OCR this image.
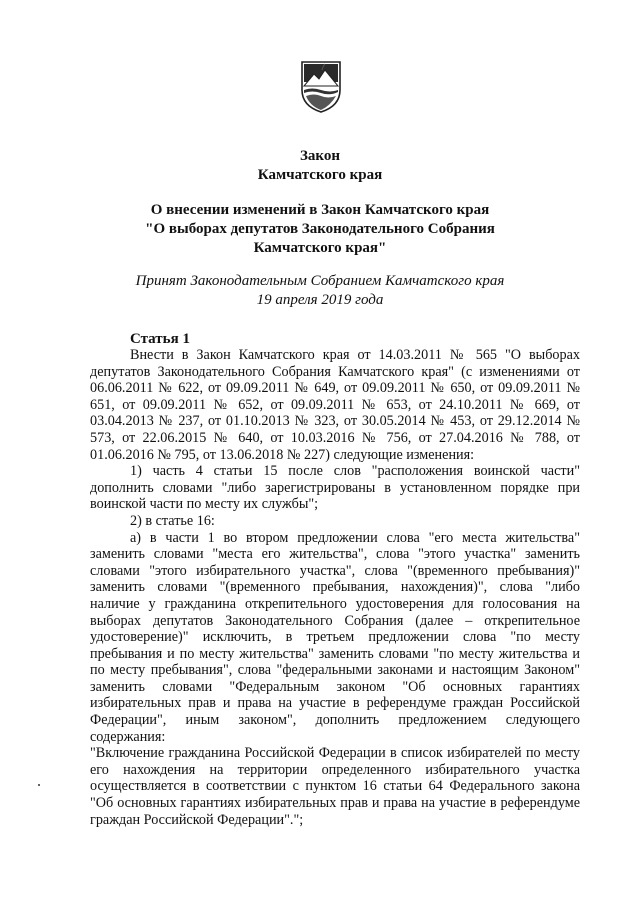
Закон
Камчатского края
О внесении изменений в Закон Камчатского края
"О выборах депутатов Законодательного Собрания
Камчатского края"
Принят Законодательным Собранием Камчатского края
19 апреля 2019 года
Статья 1

Внести в Закон Камчатского края от 14.03.2011 № 565 "О выборах депутатов Законодательного Собрания Камчатского края" (с изменениями от 06.06.2011 № 622, от 09.09.2011 № 649, от 09.09.2011 № 650, от 09.09.2011 № 651, от 09.09.2011 № 652, от 09.09.2011 № 653, от 24.10.2011 № 669, от 03.04.2013 № 237, от 01.10.2013 № 323, от 30.05.2014 № 453, от 29.12.2014 № 573, от 22.06.2015 № 640, от 10.03.2016 № 756, от 27.04.2016 № 788, от 01.06.2016 № 795, от 13.06.2018 № 227) следующие изменения:

1) часть 4 статьи 15 после слов "расположения воинской части" дополнить словами "либо зарегистрированы в установленном порядке при воинской части по месту их службы";

2) в статье 16:

а) в части 1 во втором предложении слова "его места жительства" заменить словами "места его жительства", слова "этого участка" заменить словами "этого избирательного участка", слова "(временного пребывания)" заменить словами "(временного пребывания, нахождения)", слова "либо наличие у гражданина открепительного удостоверения для голосования на выборах депутатов Законодательного Собрания (далее – открепительное удостоверение)" исключить, в третьем предложении слова "по месту пребывания и по месту жительства" заменить словами "по месту жительства и по месту пребывания", слова "федеральными законами и настоящим Законом" заменить словами "Федеральным законом "Об основных гарантиях избирательных прав и права на участие в референдуме граждан Российской Федерации", иным законом", дополнить предложением следующего содержания:

"Включение гражданина Российской Федерации в список избирателей по месту его нахождения на территории определенного избирательного участка осуществляется в соответствии с пунктом 16 статьи 64 Федерального закона "Об основных гарантиях избирательных прав и права на участие в референдуме граждан Российской Федерации".";
